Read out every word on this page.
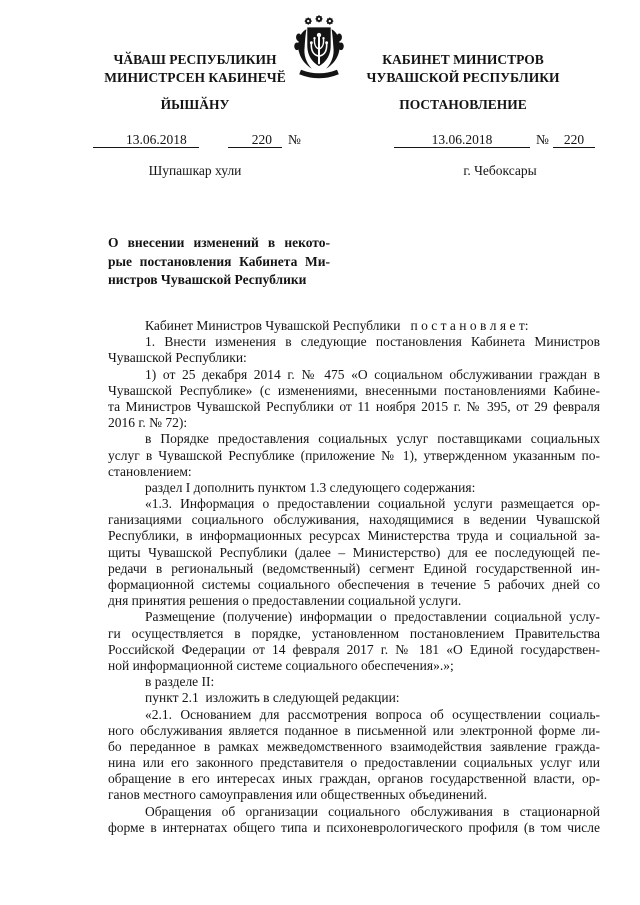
ЧӐВАШ РЕСПУБЛИКИН
МИНИСТРСЕН КАБИНЕЧӖ
ЙЫШӐНУ
КАБИНЕТ МИНИСТРОВ
ЧУВАШСКОЙ РЕСПУБЛИКИ
ПОСТАНОВЛЕНИЕ
13.06.2018	220	№	13.06.2018	№	220
Шупашкар хули	г. Чебоксары
О внесении изменений в некото-
рые постановления Кабинета Ми-
нистров Чувашской Республики
Кабинет Министров Чувашской Республики   п о с т а н о в л я е т:
1. Внести изменения в следующие постановления Кабинета Министров
Чувашской Республики:
1) от 25 декабря 2014 г. № 475 «О социальном обслуживании граждан в
Чувашской Республике» (с изменениями, внесенными постановлениями Кабине-
та Министров Чувашской Республики от 11 ноября 2015 г. № 395, от 29 февраля
2016 г. № 72):
в Порядке предоставления социальных услуг поставщиками социальных
услуг в Чувашской Республике (приложение № 1), утвержденном указанным по-
становлением:
раздел I дополнить пунктом 1.3 следующего содержания:
«1.3. Информация о предоставлении социальной услуги размещается ор-
ганизациями социального обслуживания, находящимися в ведении Чувашской
Республики, в информационных ресурсах Министерства труда и социальной за-
щиты Чувашской Республики (далее – Министерство) для ее последующей пе-
редачи в региональный (ведомственный) сегмент Единой государственной ин-
формационной системы социального обеспечения в течение 5 рабочих дней со
дня принятия решения о предоставлении социальной услуги.
Размещение (получение) информации о предоставлении социальной услу-
ги осуществляется в порядке, установленном постановлением Правительства
Российской Федерации от 14 февраля 2017 г. № 181 «О Единой государствен-
ной информационной системе социального обеспечения».»;
в разделе II:
пункт 2.1  изложить в следующей редакции:
«2.1. Основанием для рассмотрения вопроса об осуществлении социаль-
ного обслуживания является поданное в письменной или электронной форме ли-
бо переданное в рамках межведомственного взаимодействия заявление гражда-
нина или его законного представителя о предоставлении социальных услуг или
обращение в его интересах иных граждан, органов государственной власти, ор-
ганов местного самоуправления или общественных объединений.
Обращения об организации социального обслуживания в стационарной
форме в интернатах общего типа и психоневрологического профиля (в том числе
